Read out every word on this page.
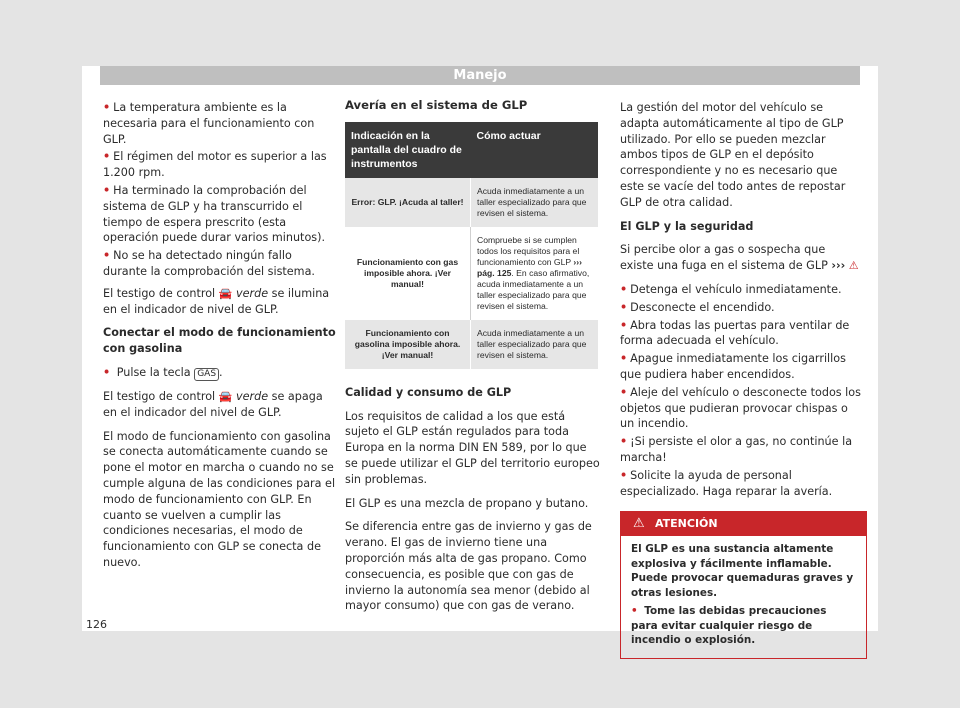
Manejo
• La temperatura ambiente es la necesaria para el funcionamiento con GLP.
• El régimen del motor es superior a las 1.200 rpm.
• Ha terminado la comprobación del sistema de GLP y ha transcurrido el tiempo de espera prescrito (esta operación puede durar varios minutos).
• No se ha detectado ningún fallo durante la comprobación del sistema.

El testigo de control 🚘 verde se ilumina en el indicador de nivel de GLP.

Conectar el modo de funcionamiento con gasolina

• Pulse la tecla GAS .

El testigo de control 🚘 verde se apaga en el indicador del nivel de GLP.

El modo de funcionamiento con gasolina se conecta automáticamente cuando se pone el motor en marcha o cuando no se cumple alguna de las condiciones para el modo de funcionamiento con GLP. En cuanto se vuelven a cumplir las condiciones necesarias, el modo de funcionamiento con GLP se conecta de nuevo.

Avería en el sistema de GLP

Indicación en la pantalla del cuadro de instrumentos	Cómo actuar
Error: GLP. ¡Acuda al taller!	Acuda inmediatamente a un taller especializado para que revisen el sistema.
Funcionamiento con gas imposible ahora. ¡Ver manual!	Compruebe si se cumplen todos los requisitos para el funcionamiento con GLP ››› pág. 125. En caso afirmativo, acuda inmediatamente a un taller especializado para que revisen el sistema.
Funcionamiento con gasolina imposible ahora. ¡Ver manual!	Acuda inmediatamente a un taller especializado para que revisen el sistema.

Calidad y consumo de GLP

Los requisitos de calidad a los que está sujeto el GLP están regulados para toda Europa en la norma DIN EN 589, por lo que se puede utilizar el GLP del territorio europeo sin problemas.

El GLP es una mezcla de propano y butano.

Se diferencia entre gas de invierno y gas de verano. El gas de invierno tiene una proporción más alta de gas propano. Como consecuencia, es posible que con gas de invierno la autonomía sea menor (debido al mayor consumo) que con gas de verano.

La gestión del motor del vehículo se adapta automáticamente al tipo de GLP utilizado. Por ello se pueden mezclar ambos tipos de GLP en el depósito correspondiente y no es necesario que este se vacíe del todo antes de repostar GLP de otra calidad.

El GLP y la seguridad

Si percibe olor a gas o sospecha que existe una fuga en el sistema de GLP ››› ⚠

• Detenga el vehículo inmediatamente.
• Desconecte el encendido.
• Abra todas las puertas para ventilar de forma adecuada el vehículo.
• Apague inmediatamente los cigarrillos que pudiera haber encendidos.
• Aleje del vehículo o desconecte todos los objetos que pudieran provocar chispas o un incendio.
• ¡Si persiste el olor a gas, no continúe la marcha!
• Solicite la ayuda de personal especializado. Haga reparar la avería.
⚠ ATENCIÓN

El GLP es una sustancia altamente explosiva y fácilmente inflamable. Puede provocar quemaduras graves y otras lesiones.

• Tome las debidas precauciones para evitar cualquier riesgo de incendio o explosión.

126
